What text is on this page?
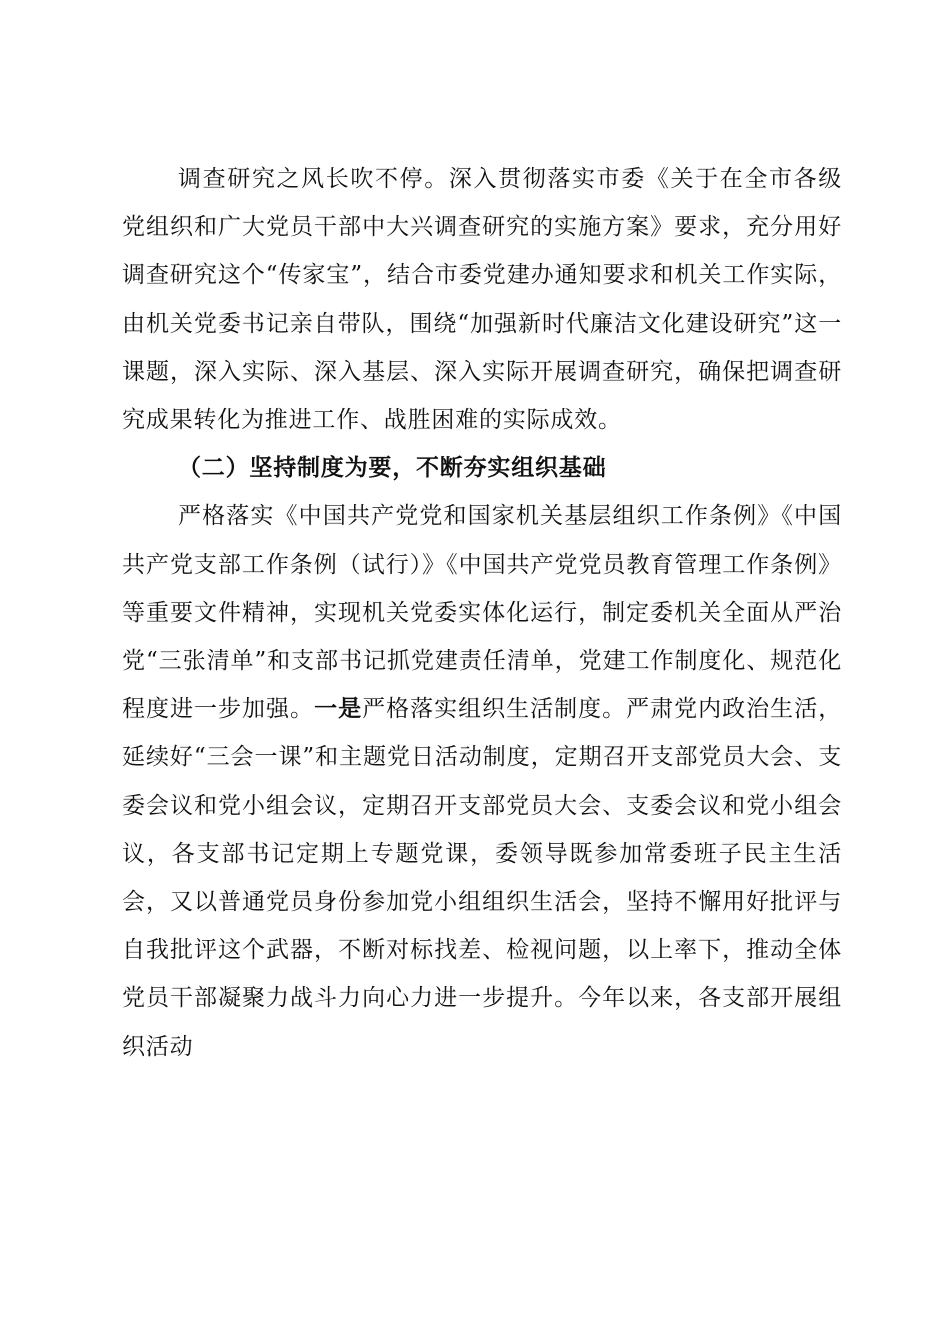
调查研究之风长吹不停。深入贯彻落实市委《关于在全市各级党组织和广大党员干部中大兴调查研究的实施方案》要求，充分用好调查研究这个“传家宝”，结合市委党建办通知要求和机关工作实际，由机关党委书记亲自带队，围绕“加强新时代廉洁文化建设研究”这一课题，深入实际、深入基层、深入实际开展调查研究，确保把调查研究成果转化为推进工作、战胜困难的实际成效。

（二）坚持制度为要，不断夯实组织基础

严格落实《中国共产党党和国家机关基层组织工作条例》《中国共产党支部工作条例（试行）》《中国共产党党员教育管理工作条例》等重要文件精神，实现机关党委实体化运行，制定委机关全面从严治党“三张清单”和支部书记抓党建责任清单，党建工作制度化、规范化程度进一步加强。一是严格落实组织生活制度。严肃党内政治生活，延续好“三会一课”和主题党日活动制度，定期召开支部党员大会、支委会议和党小组会议，定期召开支部党员大会、支委会议和党小组会议，各支部书记定期上专题党课，委领导既参加常委班子民主生活会，又以普通党员身份参加党小组组织生活会，坚持不懈用好批评与自我批评这个武器，不断对标找差、检视问题，以上率下，推动全体党员干部凝聚力战斗力向心力进一步提升。今年以来，各支部开展组织活动
